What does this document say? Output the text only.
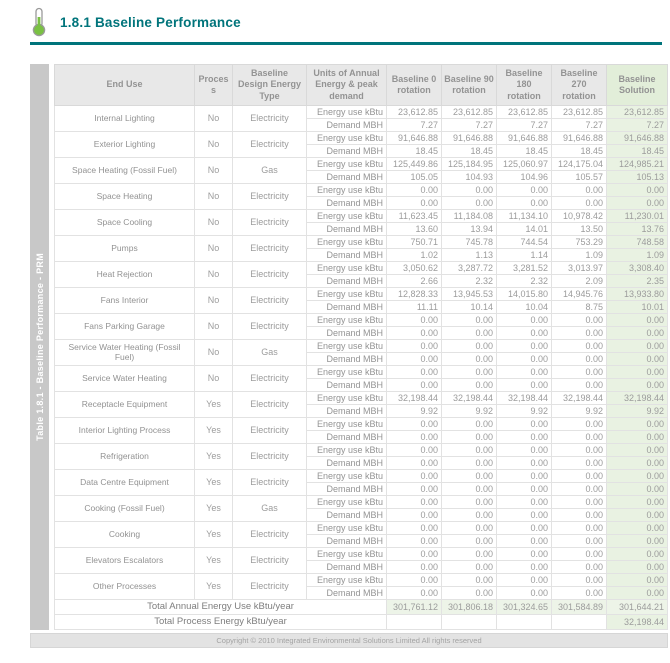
1.8.1 Baseline Performance
Table 1.8.1 - Baseline Performance - PRM
End Use	Process	Baseline Design Energy Type	Units of Annual Energy & peak demand	Baseline 0 rotation	Baseline 90 rotation	Baseline 180 rotation	Baseline 270 rotation	Baseline Solution
Internal Lighting	No	Electricity	Energy use kBtu	23,612.85	23,612.85	23,612.85	23,612.85	23,612.85
			Demand MBH	7.27	7.27	7.27	7.27	7.27
Exterior Lighting	No	Electricity	Energy use kBtu	91,646.88	91,646.88	91,646.88	91,646.88	91,646.88
			Demand MBH	18.45	18.45	18.45	18.45	18.45
Space Heating (Fossil Fuel)	No	Gas	Energy use kBtu	125,449.86	125,184.95	125,060.97	124,175.04	124,985.21
			Demand MBH	105.05	104.93	104.96	105.57	105.13
Space Heating	No	Electricity	Energy use kBtu	0.00	0.00	0.00	0.00	0.00
			Demand MBH	0.00	0.00	0.00	0.00	0.00
Space Cooling	No	Electricity	Energy use kBtu	11,623.45	11,184.08	11,134.10	10,978.42	11,230.01
			Demand MBH	13.60	13.94	14.01	13.50	13.76
Pumps	No	Electricity	Energy use kBtu	750.71	745.78	744.54	753.29	748.58
			Demand MBH	1.02	1.13	1.14	1.09	1.09
Heat Rejection	No	Electricity	Energy use kBtu	3,050.62	3,287.72	3,281.52	3,013.97	3,308.40
			Demand MBH	2.66	2.32	2.32	2.09	2.35
Fans Interior	No	Electricity	Energy use kBtu	12,828.33	13,945.53	14,015.80	14,945.76	13,933.80
			Demand MBH	11.11	10.14	10.04	8.75	10.01
Fans Parking Garage	No	Electricity	Energy use kBtu	0.00	0.00	0.00	0.00	0.00
			Demand MBH	0.00	0.00	0.00	0.00	0.00
Service Water Heating (Fossil Fuel)	No	Gas	Energy use kBtu	0.00	0.00	0.00	0.00	0.00
			Demand MBH	0.00	0.00	0.00	0.00	0.00
Service Water Heating	No	Electricity	Energy use kBtu	0.00	0.00	0.00	0.00	0.00
			Demand MBH	0.00	0.00	0.00	0.00	0.00
Receptacle Equipment	Yes	Electricity	Energy use kBtu	32,198.44	32,198.44	32,198.44	32,198.44	32,198.44
			Demand MBH	9.92	9.92	9.92	9.92	9.92
Interior Lighting Process	Yes	Electricity	Energy use kBtu	0.00	0.00	0.00	0.00	0.00
			Demand MBH	0.00	0.00	0.00	0.00	0.00
Refrigeration	Yes	Electricity	Energy use kBtu	0.00	0.00	0.00	0.00	0.00
			Demand MBH	0.00	0.00	0.00	0.00	0.00
Data Centre Equipment	Yes	Electricity	Energy use kBtu	0.00	0.00	0.00	0.00	0.00
			Demand MBH	0.00	0.00	0.00	0.00	0.00
Cooking (Fossil Fuel)	Yes	Gas	Energy use kBtu	0.00	0.00	0.00	0.00	0.00
			Demand MBH	0.00	0.00	0.00	0.00	0.00
Cooking	Yes	Electricity	Energy use kBtu	0.00	0.00	0.00	0.00	0.00
			Demand MBH	0.00	0.00	0.00	0.00	0.00
Elevators Escalators	Yes	Electricity	Energy use kBtu	0.00	0.00	0.00	0.00	0.00
			Demand MBH	0.00	0.00	0.00	0.00	0.00
Other Processes	Yes	Electricity	Energy use kBtu	0.00	0.00	0.00	0.00	0.00
			Demand MBH	0.00	0.00	0.00	0.00	0.00
Total Annual Energy Use kBtu/year				301,761.12	301,806.18	301,324.65	301,584.89	301,644.21
Total Process Energy kBtu/year								32,198.44
Copyright © 2010 Integrated Environmental Solutions Limited All rights reserved
